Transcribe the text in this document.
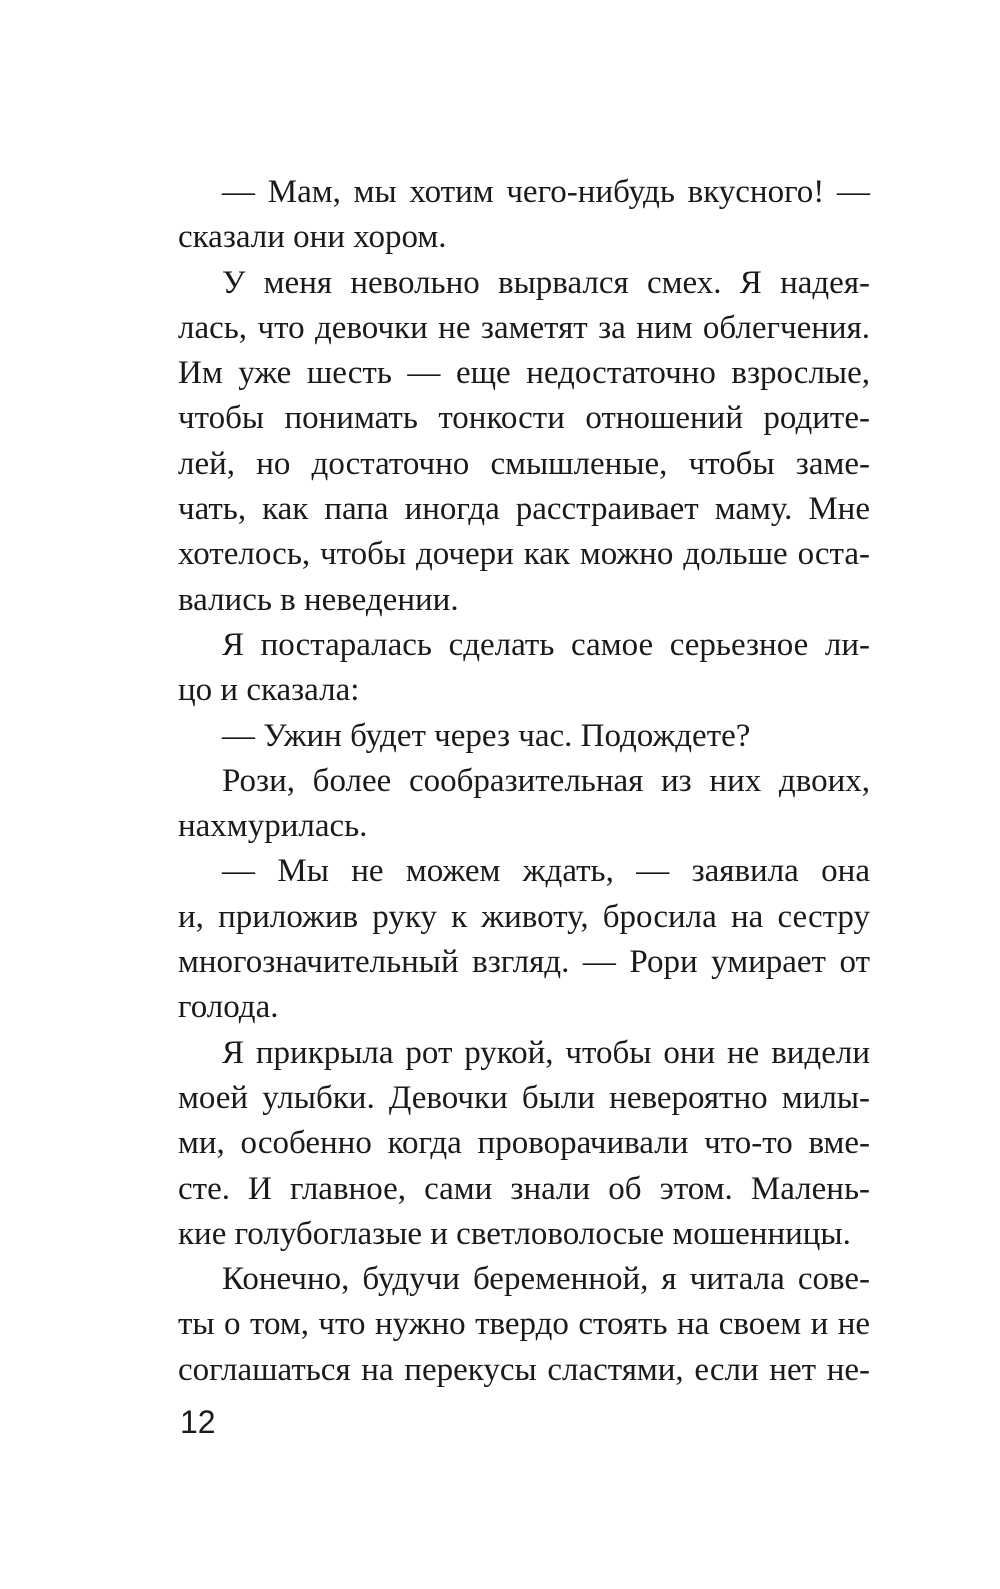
— Мам, мы хотим чего-нибудь вкусного! —
сказали они хором.
У меня невольно вырвался смех. Я надея-
лась, что девочки не заметят за ним облегчения.
Им уже шесть — еще недостаточно взрослые,
чтобы понимать тонкости отношений родите-
лей, но достаточно смышленые, чтобы заме-
чать, как папа иногда расстраивает маму. Мне
хотелось, чтобы дочери как можно дольше оста-
вались в неведении.
Я постаралась сделать самое серьезное ли-
цо и сказала:
— Ужин будет через час. Подождете?
Рози, более сообразительная из них двоих,
нахмурилась.
— Мы не можем ждать, — заявила она
и, приложив руку к животу, бросила на сестру
многозначительный взгляд. — Рори умирает от
голода.
Я прикрыла рот рукой, чтобы они не видели
моей улыбки. Девочки были невероятно милы-
ми, особенно когда проворачивали что-то вме-
сте. И главное, сами знали об этом. Малень-
кие голубоглазые и светловолосые мошенницы.
Конечно, будучи беременной, я читала сове-
ты о том, что нужно твердо стоять на своем и не
соглашаться на перекусы сластями, если нет не-
12
